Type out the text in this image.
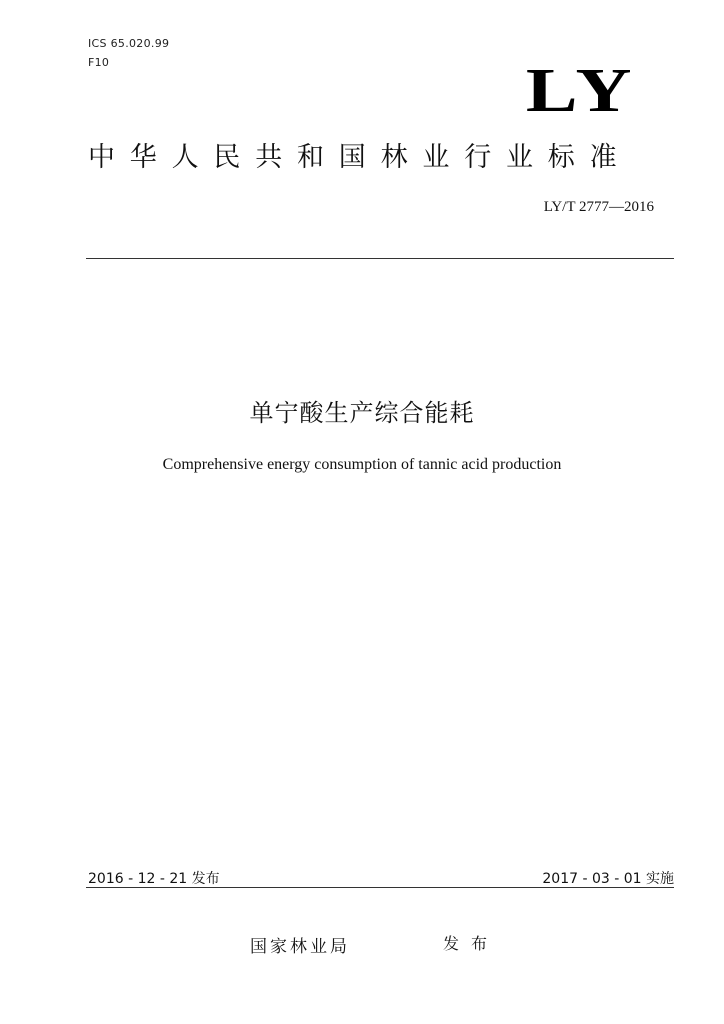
ICS 65.020.99
F10	LY
中华人民共和国林业行业标准
LY/T 2777—2016
单宁酸生产综合能耗
Comprehensive energy consumption of tannic acid production
2016 - 12 - 21 发布	2017 - 03 - 01 实施
国家林业局	发布
